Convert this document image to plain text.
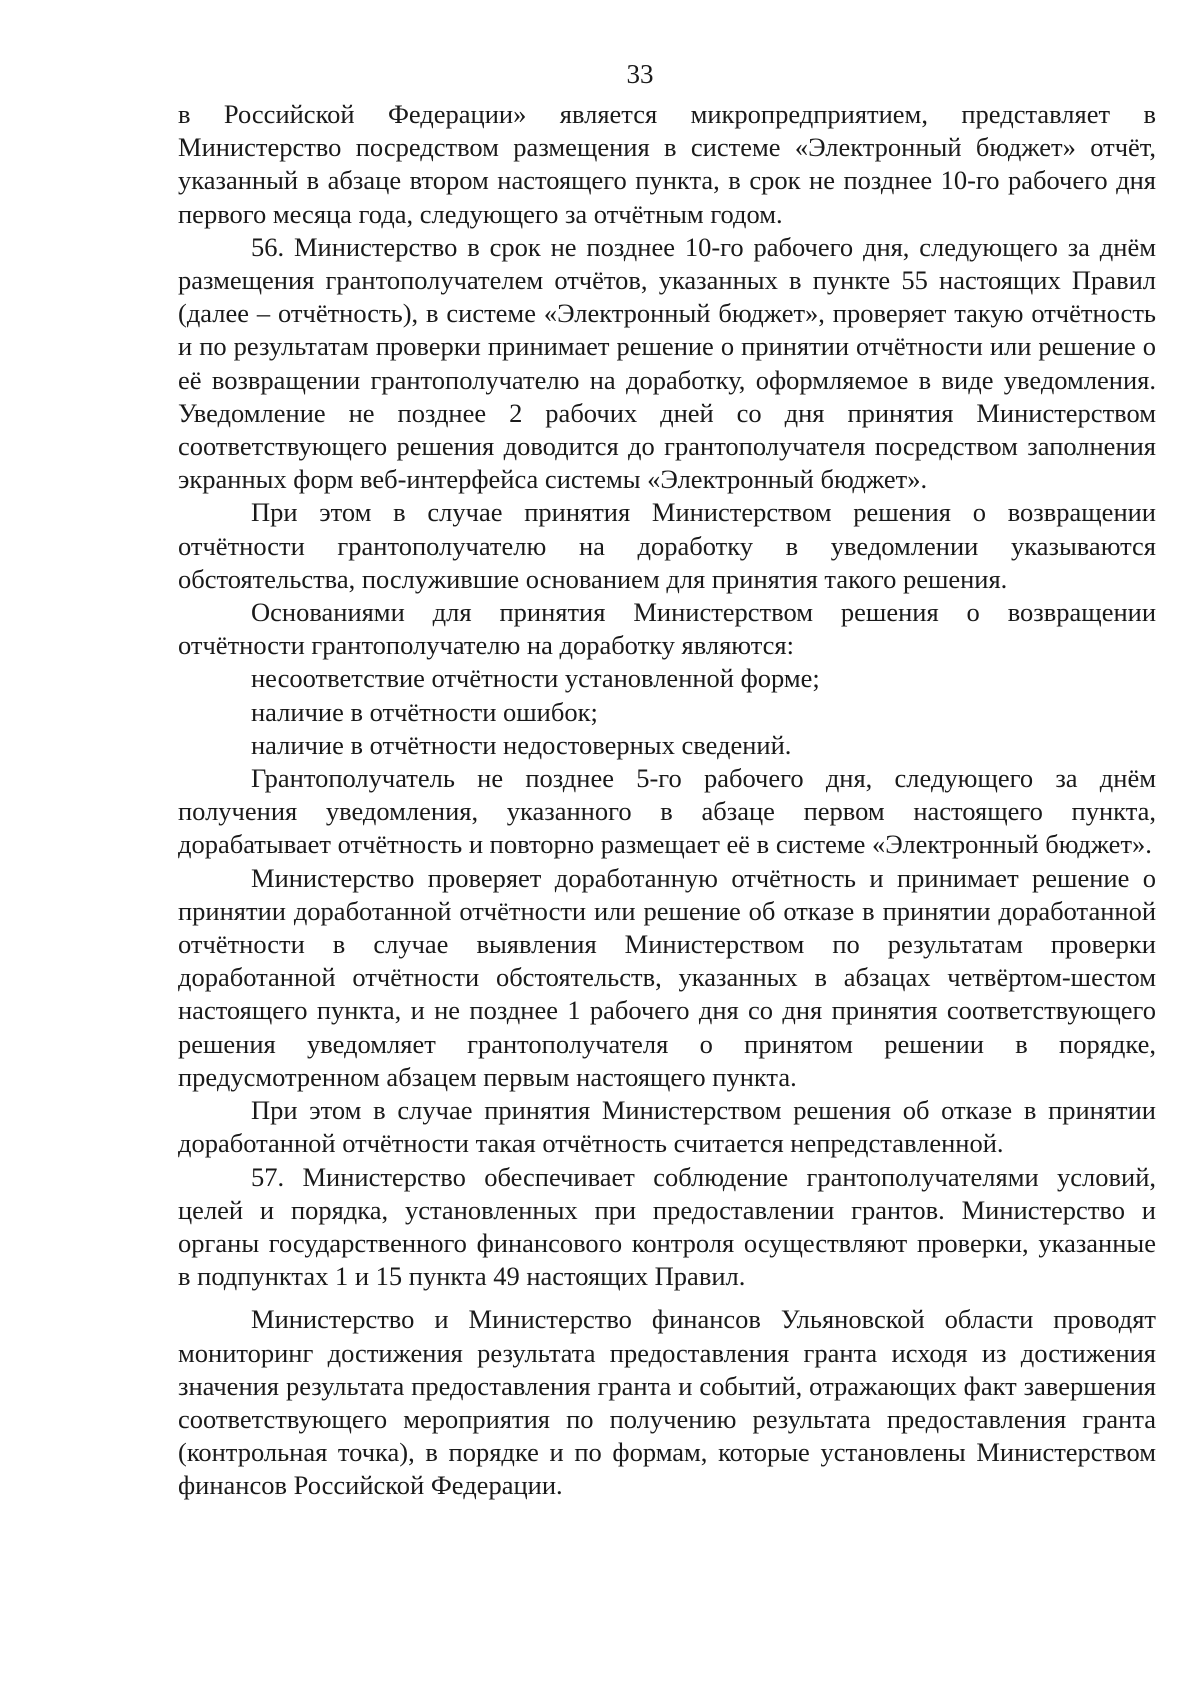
33

в Российской Федерации» является микропредприятием, представляет в Министерство посредством размещения в системе «Электронный бюджет» отчёт, указанный в абзаце втором настоящего пункта, в срок не позднее 10-го рабочего дня первого месяца года, следующего за отчётным годом.

56. Министерство в срок не позднее 10-го рабочего дня, следующего за днём размещения грантополучателем отчётов, указанных в пункте 55 настоящих Правил (далее – отчётность), в системе «Электронный бюджет», проверяет такую отчётность и по результатам проверки принимает решение о принятии отчётности или решение о её возвращении грантополучателю на доработку, оформляемое в виде уведомления. Уведомление не позднее 2 рабочих дней со дня принятия Министерством соответствующего решения доводится до грантополучателя посредством заполнения экранных форм веб-интерфейса системы «Электронный бюджет».

При этом в случае принятия Министерством решения о возвращении отчётности грантополучателю на доработку в уведомлении указываются обстоятельства, послужившие основанием для принятия такого решения.

Основаниями для принятия Министерством решения о возвращении отчётности грантополучателю на доработку являются:

несоответствие отчётности установленной форме;

наличие в отчётности ошибок;

наличие в отчётности недостоверных сведений.

Грантополучатель не позднее 5-го рабочего дня, следующего за днём получения уведомления, указанного в абзаце первом настоящего пункта, дорабатывает отчётность и повторно размещает её в системе «Электронный бюджет».

Министерство проверяет доработанную отчётность и принимает решение о принятии доработанной отчётности или решение об отказе в принятии доработанной отчётности в случае выявления Министерством по результатам проверки доработанной отчётности обстоятельств, указанных в абзацах четвёртом-шестом настоящего пункта, и не позднее 1 рабочего дня со дня принятия соответствующего решения уведомляет грантополучателя о принятом решении в порядке, предусмотренном абзацем первым настоящего пункта.

При этом в случае принятия Министерством решения об отказе в принятии доработанной отчётности такая отчётность считается непредставленной.

57. Министерство обеспечивает соблюдение грантополучателями условий, целей и порядка, установленных при предоставлении грантов. Министерство и органы государственного финансового контроля осуществляют проверки, указанные в подпунктах 1 и 15 пункта 49 настоящих Правил.

Министерство и Министерство финансов Ульяновской области проводят мониторинг достижения результата предоставления гранта исходя из достижения значения результата предоставления гранта и событий, отражающих факт завершения соответствующего мероприятия по получению результата предоставления гранта (контрольная точка), в порядке и по формам, которые установлены Министерством финансов Российской Федерации.
